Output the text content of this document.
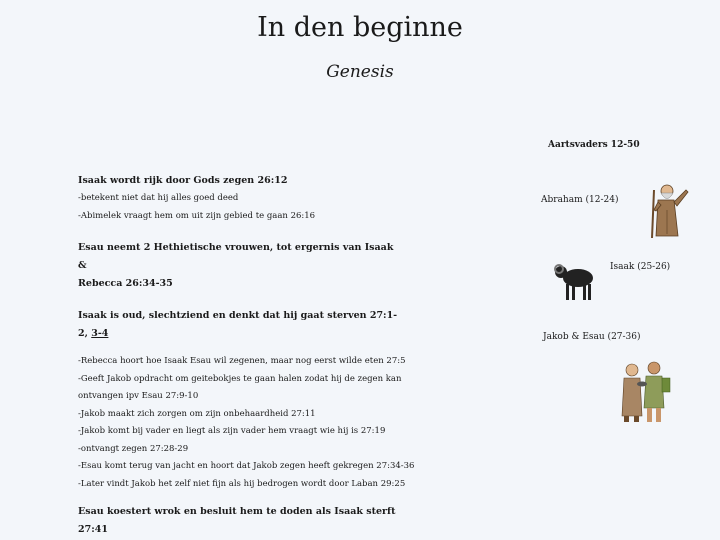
In den beginne
Genesis
Aartsvaders 12-50
Isaak wordt rijk door Gods zegen 26:12
-betekent niet dat hij alles goed deed
-Abimelek vraagt hem om uit zijn gebied te gaan 26:16
Esau neemt 2 Hethietische vrouwen, tot ergernis van Isaak &
Rebecca 26:34-35
Isaak is oud, slechtziend en denkt dat hij gaat sterven 27:1-2, 3-4
-Rebecca hoort hoe Isaak Esau wil zegenen, maar nog eerst wilde eten 27:5
-Geeft Jakob opdracht om geitebokjes te gaan halen zodat hij de zegen kan
ontvangen ipv Esau 27:9-10
-Jakob maakt zich zorgen om zijn onbehaardheid 27:11
-Jakob komt bij vader en liegt als zijn vader hem vraagt wie hij is 27:19
-ontvangt zegen 27:28-29
-Esau komt terug van jacht en hoort dat Jakob zegen heeft gekregen 27:34-36
-Later vindt Jakob het zelf niet fijn als hij bedrogen wordt door Laban 29:25
Esau koestert wrok en besluit hem te doden als Isaak sterft 27:41
Abraham (12-24)
Isaak (25-26)
Jakob & Esau (27-36)
